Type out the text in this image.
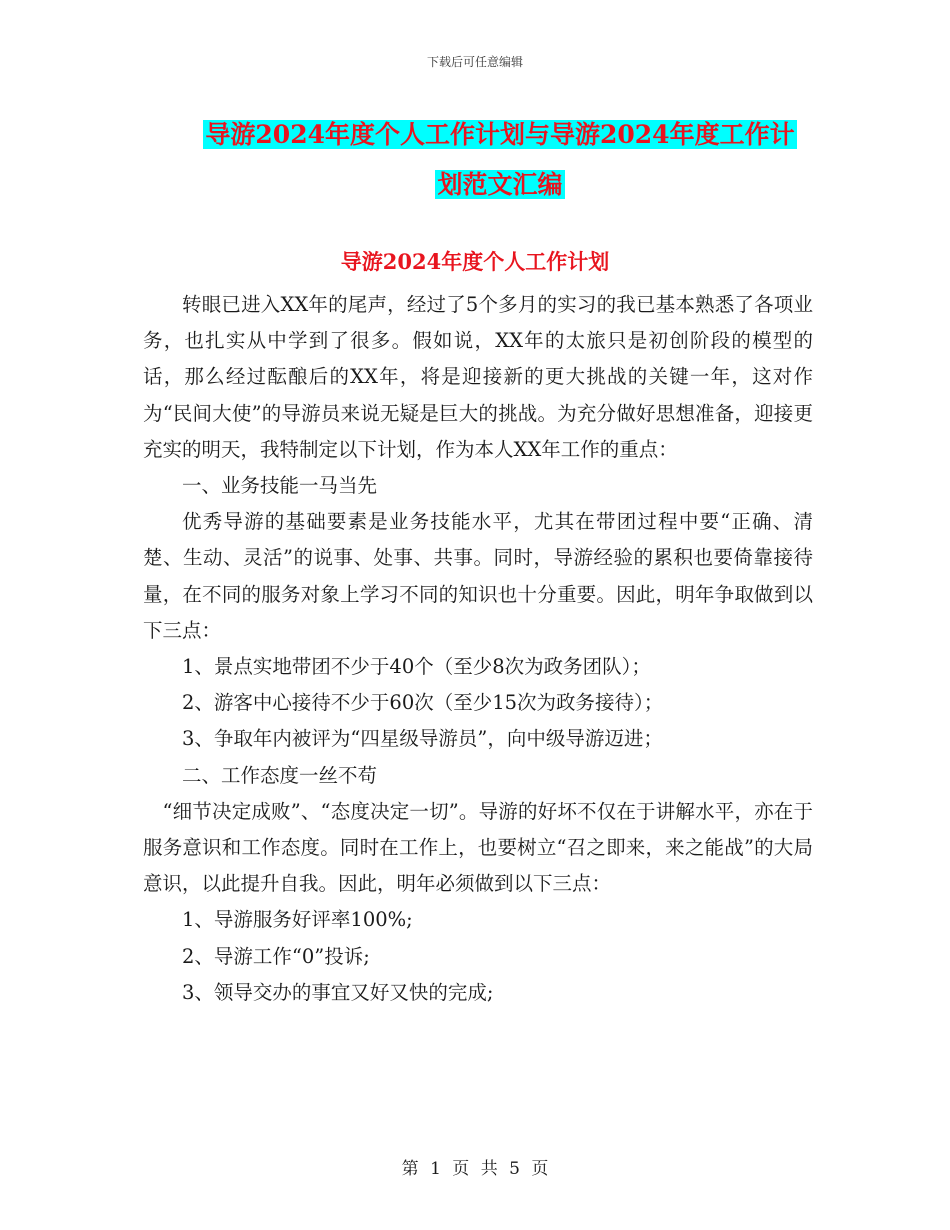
下载后可任意编辑
导游2024年度个人工作计划与导游2024年度工作计
划范文汇编
导游2024年度个人工作计划

转眼已进入XX年的尾声，经过了5个多月的实习的我已基本熟悉了各项业务，也扎实从中学到了很多。假如说，XX年的太旅只是初创阶段的模型的话，那么经过酝酿后的XX年，将是迎接新的更大挑战的关键一年，这对作为“民间大使”的导游员来说无疑是巨大的挑战。为充分做好思想准备，迎接更充实的明天，我特制定以下计划，作为本人XX年工作的重点：

一、业务技能一马当先

优秀导游的基础要素是业务技能水平，尤其在带团过程中要“正确、清楚、生动、灵活”的说事、处事、共事。同时，导游经验的累积也要倚靠接待量，在不同的服务对象上学习不同的知识也十分重要。因此，明年争取做到以下三点：

1、景点实地带团不少于40个（至少8次为政务团队）；

2、游客中心接待不少于60次（至少15次为政务接待）；

3、争取年内被评为“四星级导游员”，向中级导游迈进；

二、工作态度一丝不苟

“细节决定成败”、“态度决定一切”。导游的好坏不仅在于讲解水平，亦在于服务意识和工作态度。同时在工作上，也要树立“召之即来，来之能战”的大局意识，以此提升自我。因此，明年必须做到以下三点：

1、导游服务好评率100%;

2、导游工作“0”投诉;

3、领导交办的事宜又好又快的完成;

第 1 页 共 5 页
